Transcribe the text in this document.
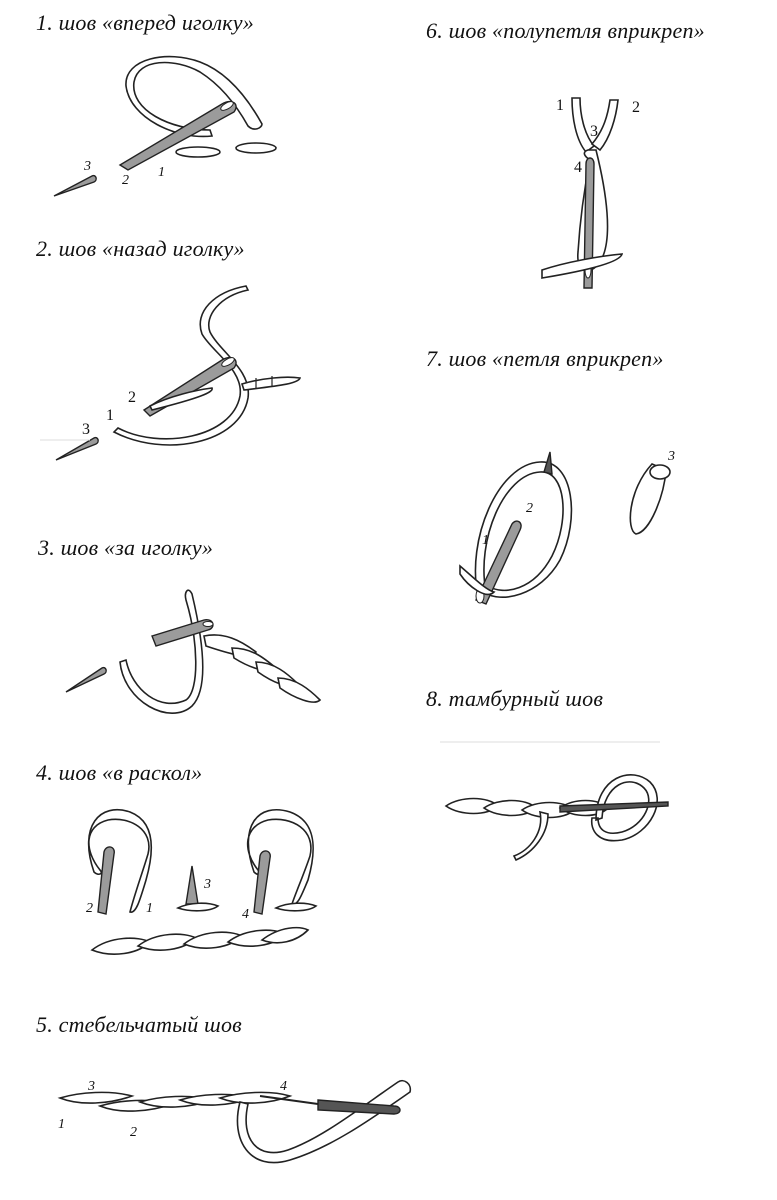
1. шов «вперед иголку»
2. шов «назад иголку»
3. шов «за иголку»
4. шов «в раскол»
5. стебельчатый шов
6. шов «полупетля вприкреп»
7. шов «петля вприкреп»
8. тамбурный шов
3
2
1
3
1
2
2	1
3
4
1
2
3	4
1	2
3
4
1
2
3
